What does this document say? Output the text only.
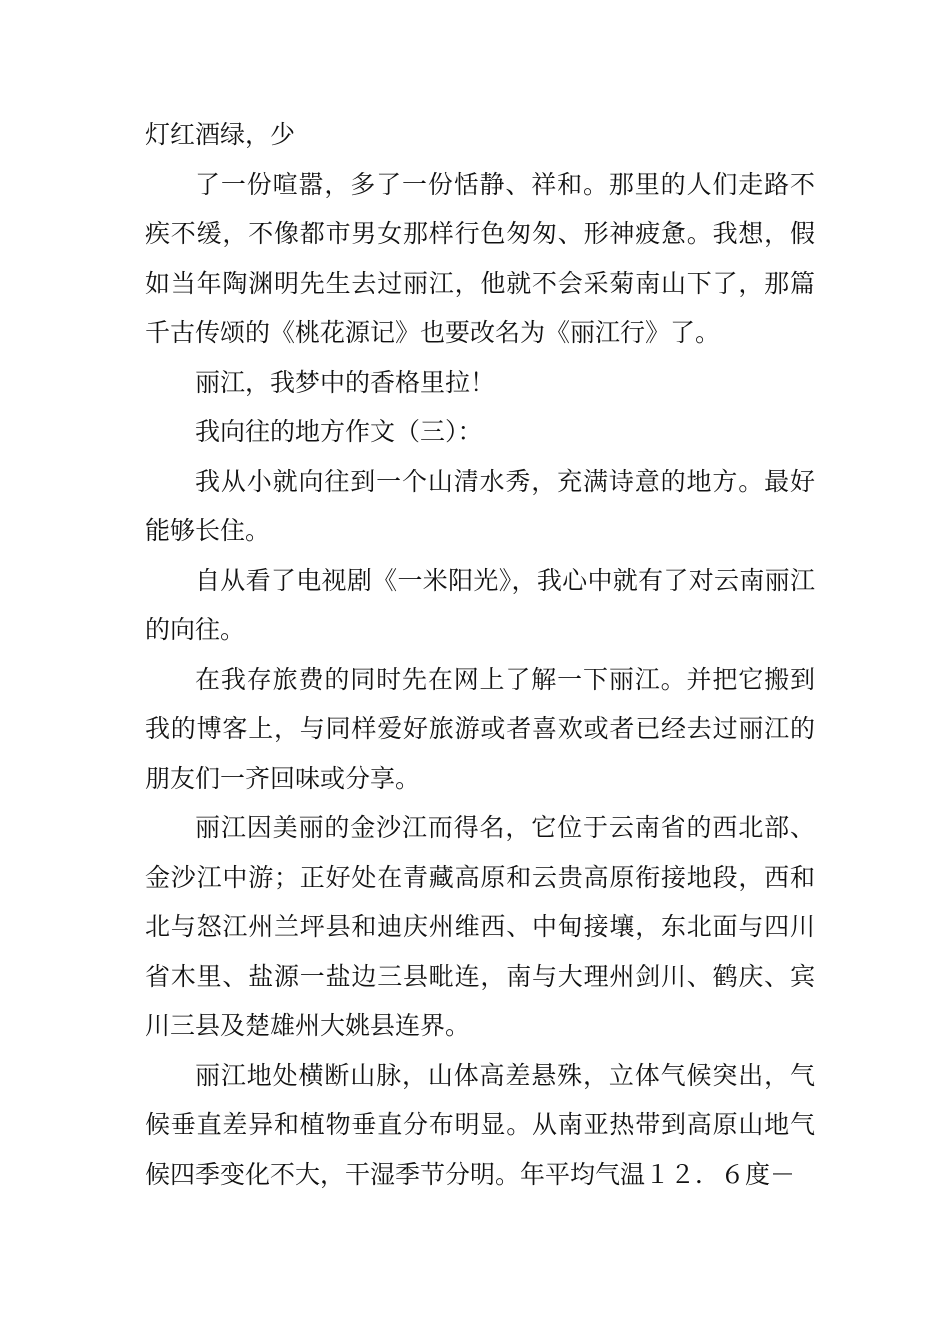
灯红酒绿，少

了一份喧嚣，多了一份恬静、祥和。那里的人们走路不疾不缓，不像都市男女那样行色匆匆、形神疲惫。我想，假如当年陶渊明先生去过丽江，他就不会采菊南山下了，那篇千古传颂的《桃花源记》也要改名为《丽江行》了。

丽江，我梦中的香格里拉！

我向往的地方作文（三）：

我从小就向往到一个山清水秀，充满诗意的地方。最好能够长住。

自从看了电视剧《一米阳光》，我心中就有了对云南丽江的向往。

在我存旅费的同时先在网上了解一下丽江。并把它搬到我的博客上，与同样爱好旅游或者喜欢或者已经去过丽江的朋友们一齐回味或分享。

丽江因美丽的金沙江而得名，它位于云南省的西北部、金沙江中游；正好处在青藏高原和云贵高原衔接地段，西和北与怒江州兰坪县和迪庆州维西、中甸接壤，东北面与四川省木里、盐源一盐边三县毗连，南与大理州剑川、鹤庆、宾川三县及楚雄州大姚县连界。

丽江地处横断山脉，山体高差悬殊，立体气候突出，气候垂直差异和植物垂直分布明显。从南亚热带到高原山地气候四季变化不大，干湿季节分明。年平均气温１２．６度－
